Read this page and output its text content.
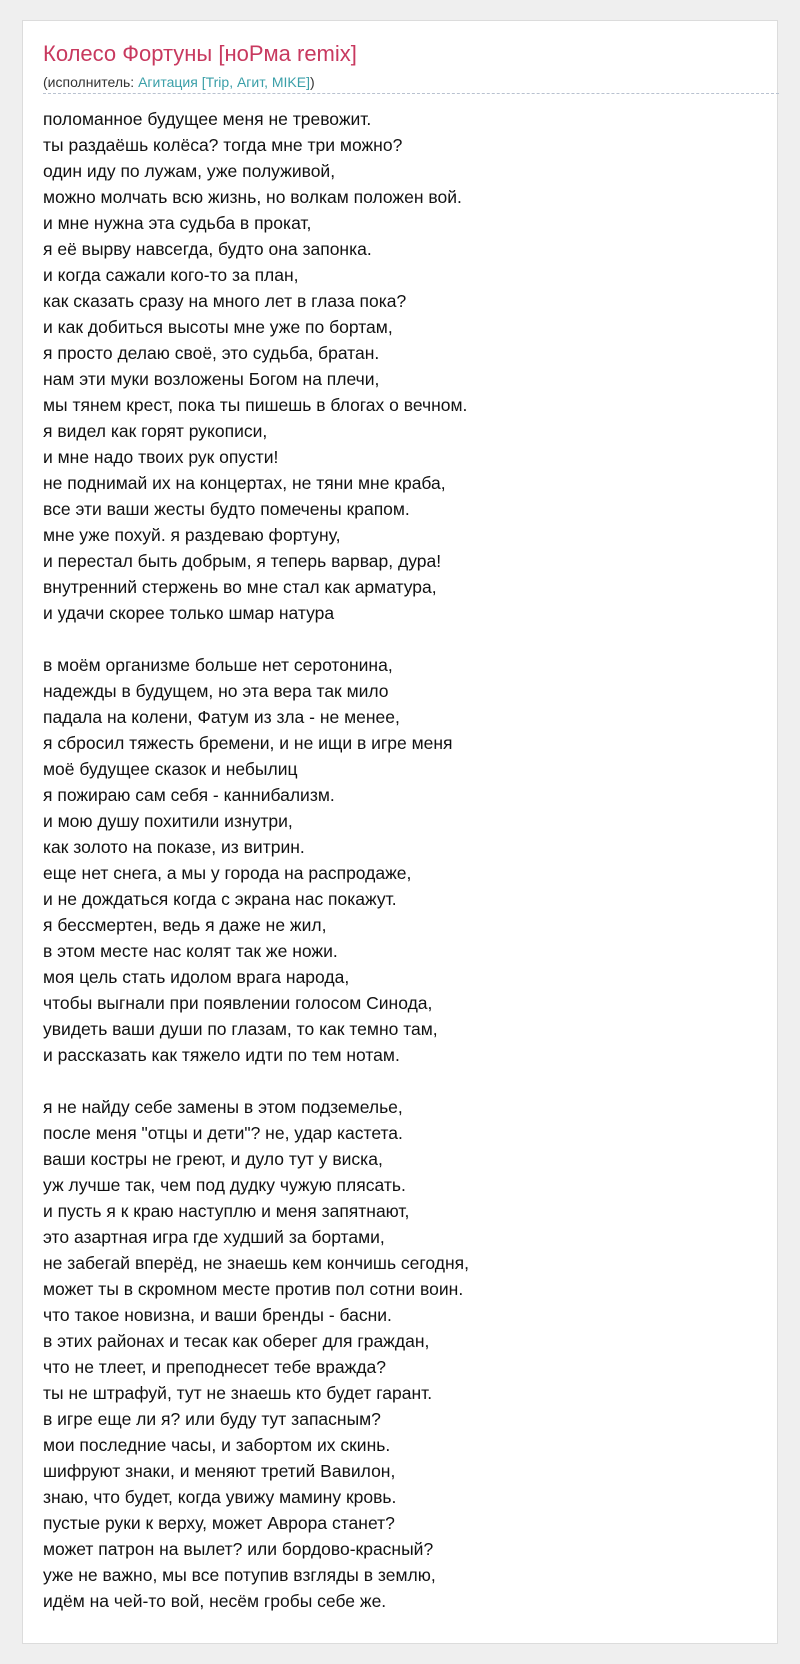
Колесо Фортуны [ноРма remix]
(исполнитель: Агитация [Trip, Агит, MIKE])
поломанное будущее меня не тревожит.
ты раздаёшь колёса? тогда мне три можно?
один иду по лужам, уже полуживой,
можно молчать всю жизнь, но волкам положен вой.
и мне нужна эта судьба в прокат,
я её вырву навсегда, будто она запонка.
и когда сажали кого-то за план,
как сказать сразу на много лет в глаза пока?
и как добиться высоты мне уже по бортам,
я просто делаю своё, это судьба, братан.
нам эти муки возложены Богом на плечи,
мы тянем крест, пока ты пишешь в блогах о вечном.
я видел как горят рукописи,
и мне надо твоих рук опусти!
не поднимай их на концертах, не тяни мне краба,
все эти ваши жесты будто помечены крапом.
мне уже похуй. я раздеваю фортуну,
и перестал быть добрым, я теперь варвар, дура!
внутренний стержень во мне стал как арматура,
и удачи скорее только шмар натура
в моём организме больше нет серотонина,
надежды в будущем, но эта вера так мило
падала на колени, Фатум из зла - не менее,
я сбросил тяжесть бремени, и не ищи в игре меня
моё будущее сказок и небылиц
я пожираю сам себя - каннибализм.
и мою душу похитили изнутри,
как золото на показе, из витрин.
еще нет снега, а мы у города на распродаже,
и не дождаться когда с экрана нас покажут.
я бессмертен, ведь я даже не жил,
в этом месте нас колят так же ножи.
моя цель стать идолом врага народа,
чтобы выгнали при появлении голосом Синода,
увидеть ваши души по глазам, то как темно там,
и рассказать как тяжело идти по тем нотам.
я не найду себе замены в этом подземелье,
после меня "отцы и дети"? не, удар кастета.
ваши костры не греют, и дуло тут у виска,
уж лучше так, чем под дудку чужую плясать.
и пусть я к краю наступлю и меня запятнают,
это азартная игра где худший за бортами,
не забегай вперёд, не знаешь кем кончишь сегодня,
может ты в скромном месте против пол сотни воин.
что такое новизна, и ваши бренды - басни.
в этих районах и тесак как оберег для граждан,
что не тлеет, и преподнесет тебе вражда?
ты не штрафуй, тут не знаешь кто будет гарант.
в игре еще ли я? или буду тут запасным?
мои последние часы, и забортом их скинь.
шифруют знаки, и меняют третий Вавилон,
знаю, что будет, когда увижу мамину кровь.
пустые руки к верху, может Аврора станет?
может патрон на вылет? или бордово-красный?
уже не важно, мы все потупив взгляды в землю,
идём на чей-то вой, несём гробы себе же.
